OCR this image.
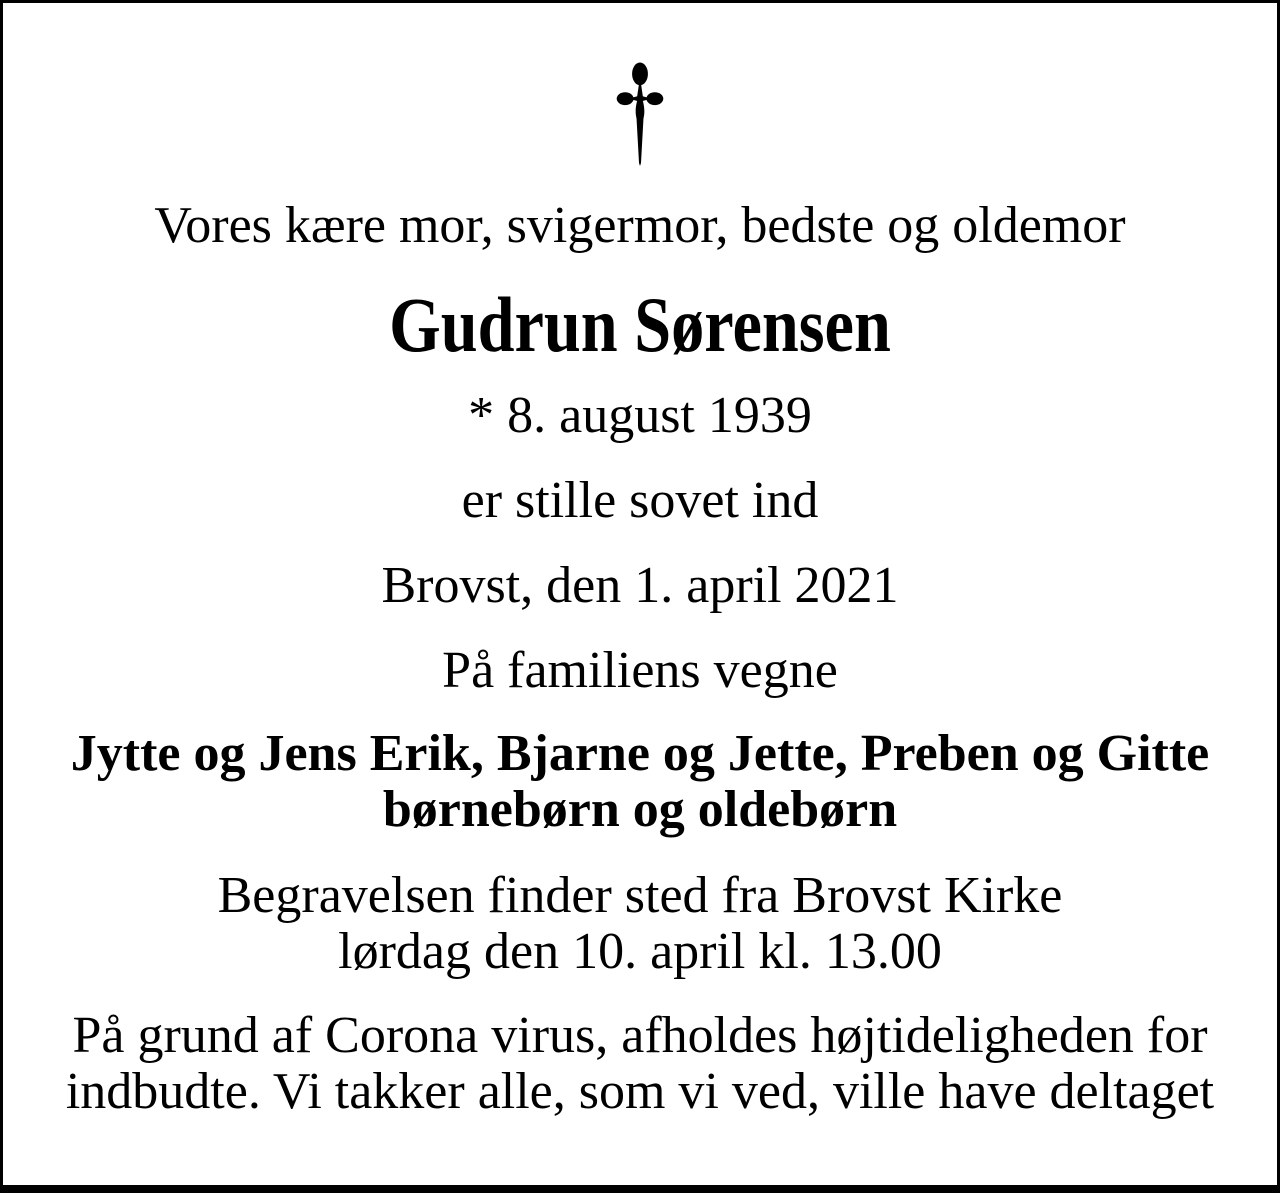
Vores kære mor, svigermor, bedste og oldemor
Gudrun Sørensen
* 8. august 1939
er stille sovet ind
Brovst, den 1. april 2021
På familiens vegne
Jytte og Jens Erik, Bjarne og Jette, Preben og Gitte
børnebørn og oldebørn
Begravelsen finder sted fra Brovst Kirke
lørdag den 10. april kl. 13.00
På grund af Corona virus, afholdes højtideligheden for
indbudte. Vi takker alle, som vi ved, ville have deltaget
